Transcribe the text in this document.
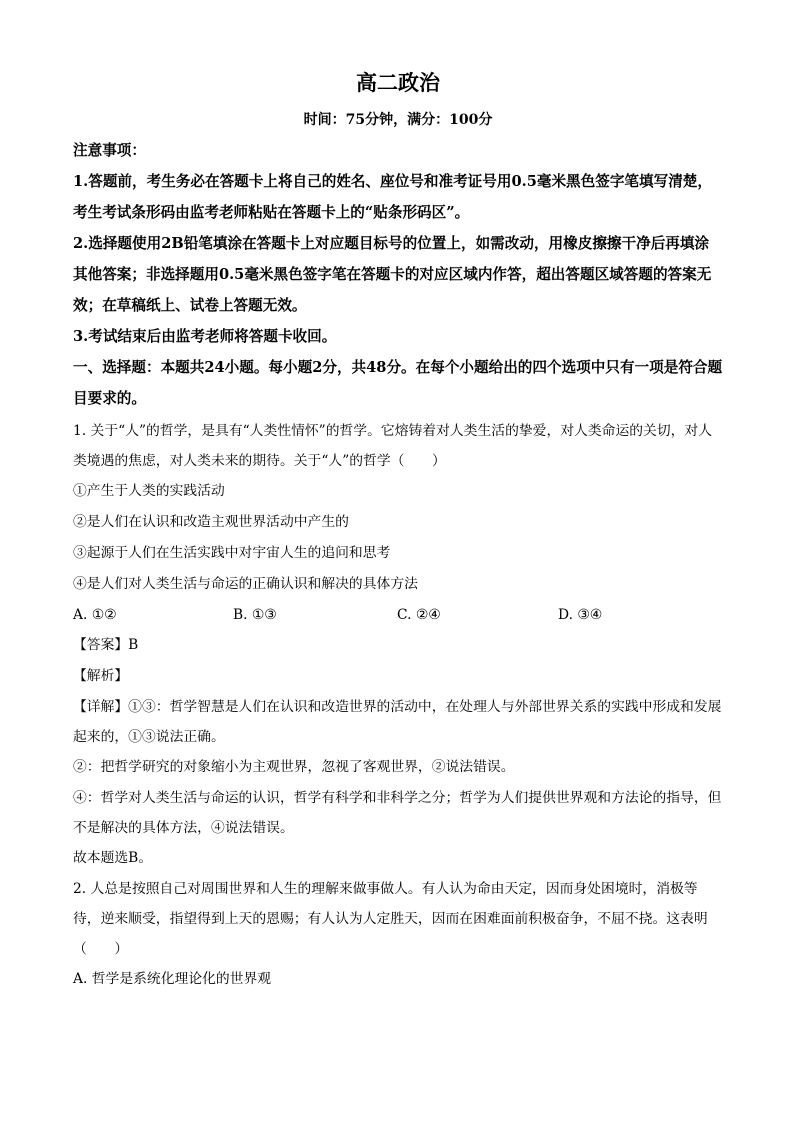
高二政治
时间：75分钟，满分：100分

注意事项：

1.答题前，考生务必在答题卡上将自己的姓名、座位号和准考证号用0.5毫米黑色签字笔填写清楚，考生考试条形码由监考老师粘贴在答题卡上的“贴条形码区”。

2.选择题使用2B铅笔填涂在答题卡上对应题目标号的位置上，如需改动，用橡皮擦擦干净后再填涂其他答案；非选择题用0.5毫米黑色签字笔在答题卡的对应区域内作答，超出答题区域答题的答案无效；在草稿纸上、试卷上答题无效。

3.考试结束后由监考老师将答题卡收回。

一、选择题：本题共24小题。每小题2分，共48分。在每个小题给出的四个选项中只有一项是符合题目要求的。

1. 关于“人”的哲学，是具有“人类性情怀”的哲学。它熔铸着对人类生活的挚爱，对人类命运的关切，对人类境遇的焦虑，对人类未来的期待。关于“人”的哲学（　　）

①产生于人类的实践活动

②是人们在认识和改造主观世界活动中产生的

③起源于人们在生活实践中对宇宙人生的追问和思考

④是人们对人类生活与命运的正确认识和解决的具体方法

A. ①②	B. ①③	C. ②④	D. ③④

【答案】B

【解析】

【详解】①③：哲学智慧是人们在认识和改造世界的活动中，在处理人与外部世界关系的实践中形成和发展起来的，①③说法正确。

②：把哲学研究的对象缩小为主观世界，忽视了客观世界，②说法错误。

④：哲学对人类生活与命运的认识，哲学有科学和非科学之分；哲学为人们提供世界观和方法论的指导，但不是解决的具体方法，④说法错误。

故本题选B。

2. 人总是按照自己对周围世界和人生的理解来做事做人。有人认为命由天定，因而身处困境时，消极等待，逆来顺受，指望得到上天的恩赐；有人认为人定胜天，因而在困难面前积极奋争，不屈不挠。这表明（　　）

A. 哲学是系统化理论化的世界观
